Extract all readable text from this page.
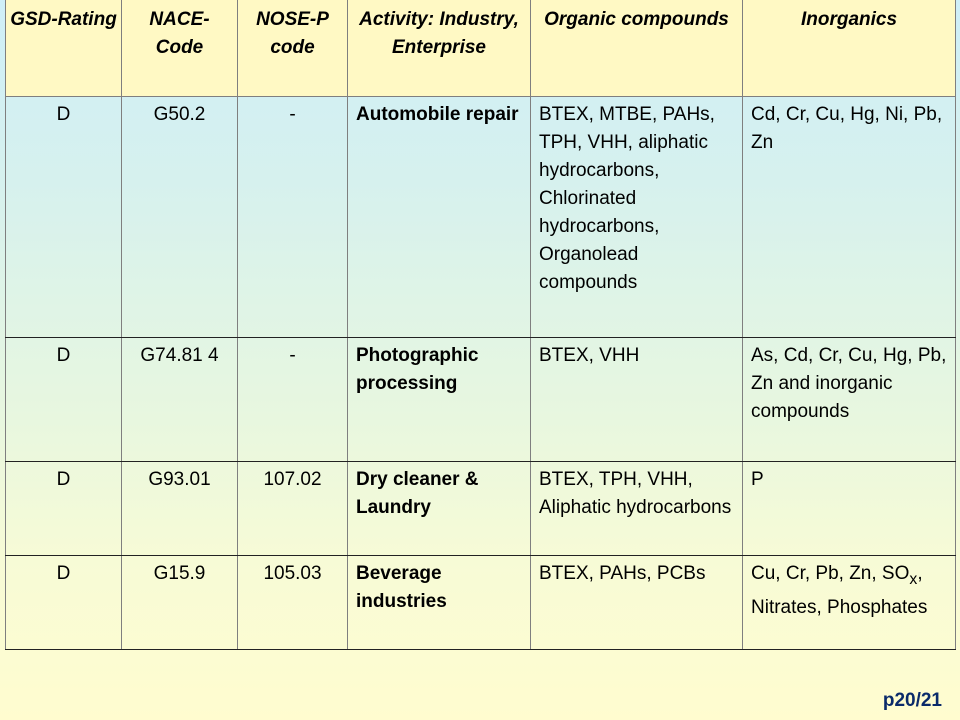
GSD-Rating	NACE-Code	NOSE-P code	Activity: Industry, Enterprise	Organic compounds	Inorganics
D	G50.2	-	Automobile repair	BTEX, MTBE, PAHs, TPH, VHH, aliphatic hydrocarbons, Chlorinated hydrocarbons, Organolead compounds	Cd, Cr, Cu, Hg, Ni, Pb, Zn
D	G74.81 4	-	Photographic processing	BTEX, VHH	As, Cd, Cr, Cu, Hg, Pb, Zn and inorganic compounds
D	G93.01	107.02	Dry cleaner & Laundry	BTEX, TPH, VHH, Aliphatic hydrocarbons	P
D	G15.9	105.03	Beverage industries	BTEX, PAHs, PCBs	Cu, Cr, Pb, Zn, $SO_x$, Nitrates, Phosphates
p20/21
